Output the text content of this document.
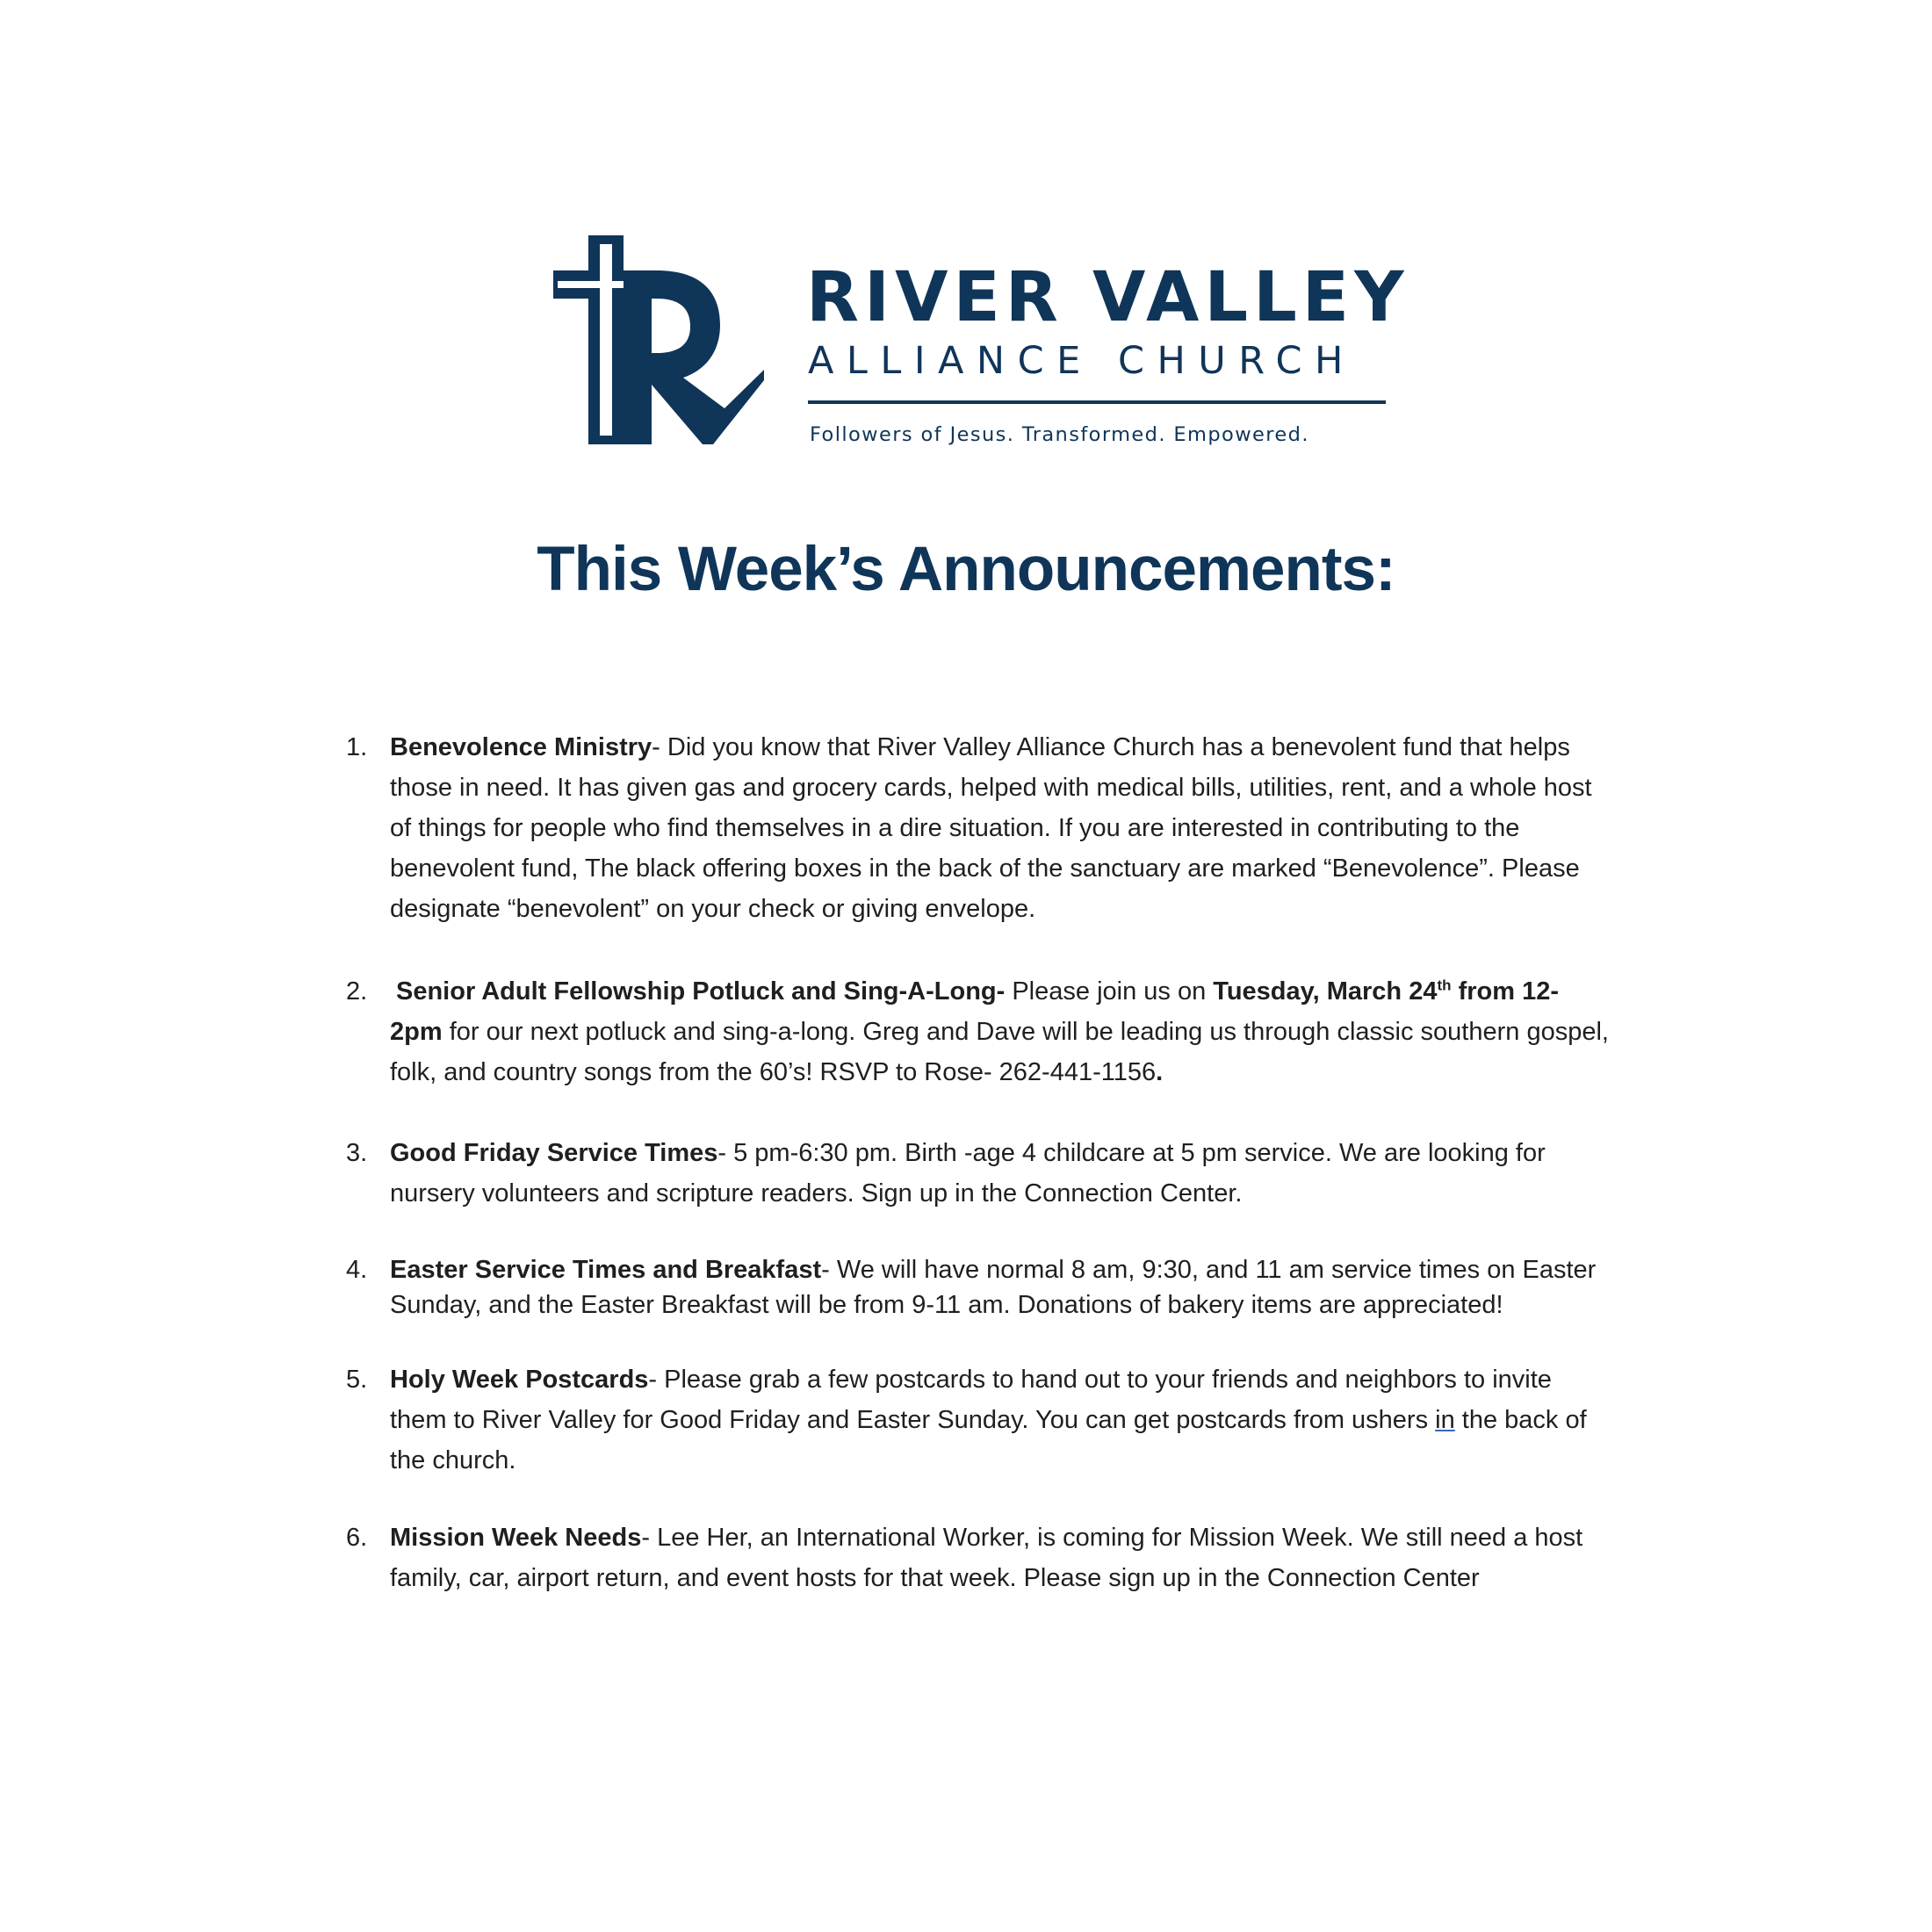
RIVER VALLEY
ALLIANCE CHURCH
Followers of Jesus. Transformed. Empowered.
This Week’s Announcements:
1. Benevolence Ministry- Did you know that River Valley Alliance Church has a benevolent fund that helps those in need. It has given gas and grocery cards, helped with medical bills, utilities, rent, and a whole host of things for people who find themselves in a dire situation. If you are interested in contributing to the benevolent fund, The black offering boxes in the back of the sanctuary are marked “Benevolence”. Please designate “benevolent” on your check or giving envelope.
2. Senior Adult Fellowship Potluck and Sing-A-Long- Please join us on Tuesday, March 24th from 12-2pm for our next potluck and sing-a-long. Greg and Dave will be leading us through classic southern gospel, folk, and country songs from the 60’s! RSVP to Rose- 262-441-1156.
3. Good Friday Service Times- 5 pm-6:30 pm. Birth -age 4 childcare at 5 pm service. We are looking for nursery volunteers and scripture readers. Sign up in the Connection Center.
4. Easter Service Times and Breakfast- We will have normal 8 am, 9:30, and 11 am service times on Easter Sunday, and the Easter Breakfast will be from 9-11 am. Donations of bakery items are appreciated!
5. Holy Week Postcards- Please grab a few postcards to hand out to your friends and neighbors to invite them to River Valley for Good Friday and Easter Sunday. You can get postcards from ushers in the back of the church.
6. Mission Week Needs- Lee Her, an International Worker, is coming for Mission Week. We still need a host family, car, airport return, and event hosts for that week. Please sign up in the Connection Center
